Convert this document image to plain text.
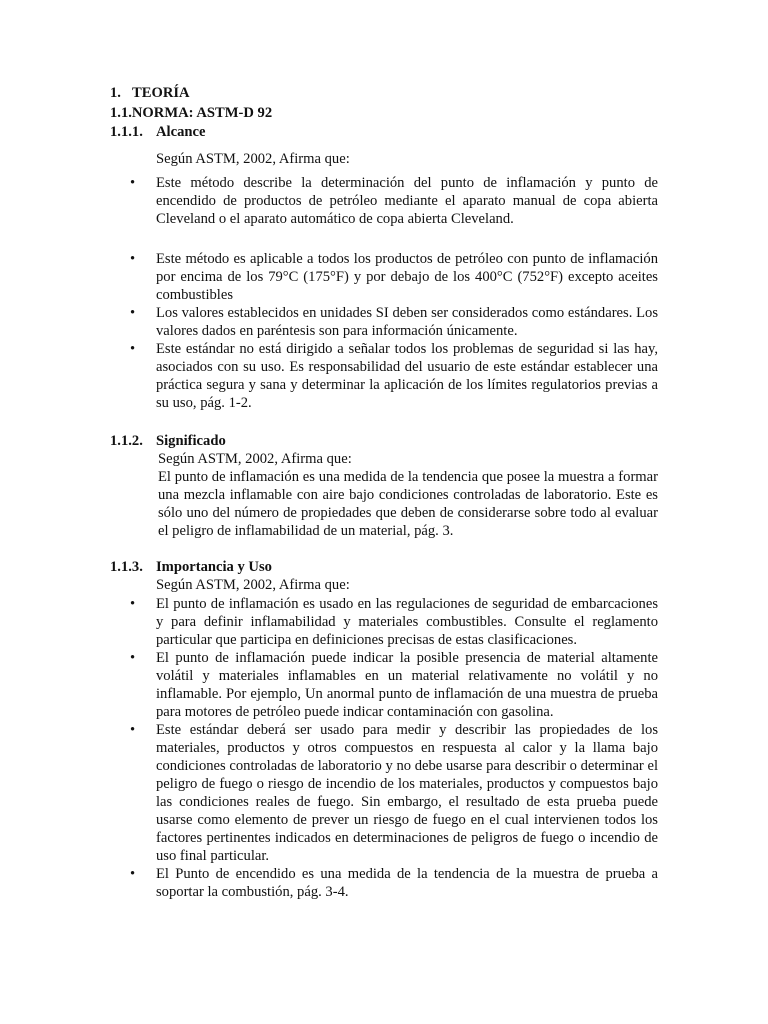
1. TEORÍA
1.1.NORMA: ASTM-D 92
1.1.1. Alcance
Según ASTM, 2002, Afirma que:
•	Este método describe la determinación del punto de inflamación y punto de encendido de productos de petróleo mediante el aparato manual de copa abierta Cleveland o el aparato automático de copa abierta Cleveland.
•	Este método es aplicable a todos los productos de petróleo con punto de inflamación por encima de los 79°C (175°F) y por debajo de los 400°C (752°F) excepto aceites combustibles
•	Los valores establecidos en unidades SI deben ser considerados como estándares. Los valores dados en paréntesis son para información únicamente.
•	Este estándar no está dirigido a señalar todos los problemas de seguridad si las hay, asociados con su uso. Es responsabilidad del usuario de este estándar establecer una práctica segura y sana y determinar la aplicación de los límites regulatorios previas a su uso, pág. 1-2.
1.1.2. Significado
Según ASTM, 2002, Afirma que:
El punto de inflamación es una medida de la tendencia que posee la muestra a formar una mezcla inflamable con aire bajo condiciones controladas de laboratorio. Este es sólo uno del número de propiedades que deben de considerarse sobre todo al evaluar el peligro de inflamabilidad de un material, pág. 3.
1.1.3. Importancia y Uso
Según ASTM, 2002, Afirma que:
•	El punto de inflamación es usado en las regulaciones de seguridad de embarcaciones y para definir inflamabilidad y materiales combustibles. Consulte el reglamento particular que participa en definiciones precisas de estas clasificaciones.
•	El punto de inflamación puede indicar la posible presencia de material altamente volátil y materiales inflamables en un material relativamente no volátil y no inflamable. Por ejemplo, Un anormal punto de inflamación de una muestra de prueba para motores de petróleo puede indicar contaminación con gasolina.
•	Este estándar deberá ser usado para medir y describir las propiedades de los materiales, productos y otros compuestos en respuesta al calor y la llama bajo condiciones controladas de laboratorio y no debe usarse para describir o determinar el peligro de fuego o riesgo de incendio de los materiales, productos y compuestos bajo las condiciones reales de fuego. Sin embargo, el resultado de esta prueba puede usarse como elemento de prever un riesgo de fuego en el cual intervienen todos los factores pertinentes indicados en determinaciones de peligros de fuego o incendio de uso final particular.
•	El Punto de encendido es una medida de la tendencia de la muestra de prueba a soportar la combustión, pág. 3-4.
